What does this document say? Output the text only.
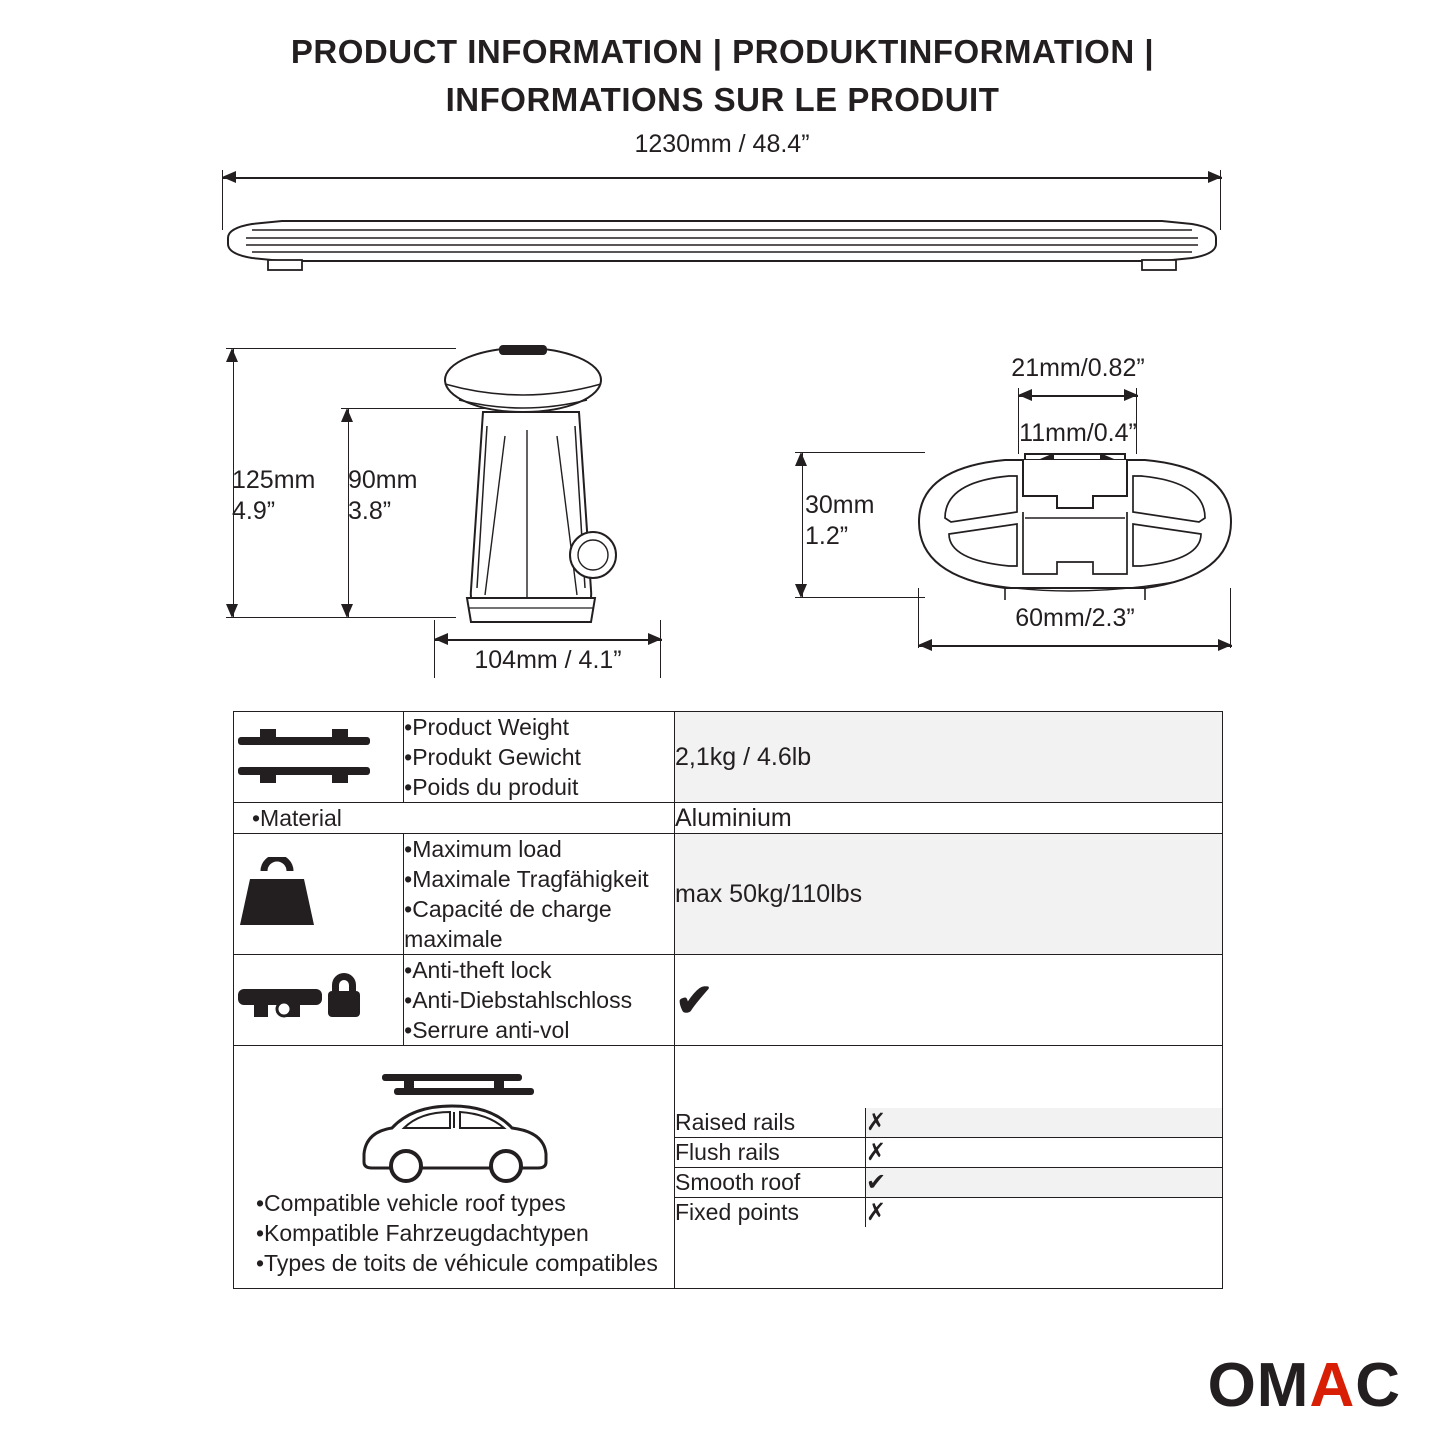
PRODUCT INFORMATION | PRODUKTINFORMATION |
INFORMATIONS SUR LE PRODUIT
1230mm / 48.4”
125mm
4.9”
90mm
3.8”
104mm / 4.1”
21mm/0.82”
11mm/0.4”
30mm
1.2”
60mm/2.3”

•Product Weight
•Produkt Gewicht
•Poids du produit
	2,1kg / 4.6lb

•Material	Aluminium

•Maximum load
•Maximale Tragfähigkeit
•Capacité de charge maximale
	max 50kg/110lbs

•Anti-theft lock
•Anti-Diebstahlschloss
•Serrure anti-vol
	✔

•Compatible vehicle roof types
•Kompatible Fahrzeugdachtypen
•Types de toits de véhicule compatibles

Raised rails	✗
Flush rails	✗
Smooth roof	✔
Fixed points	✗
OMAC
